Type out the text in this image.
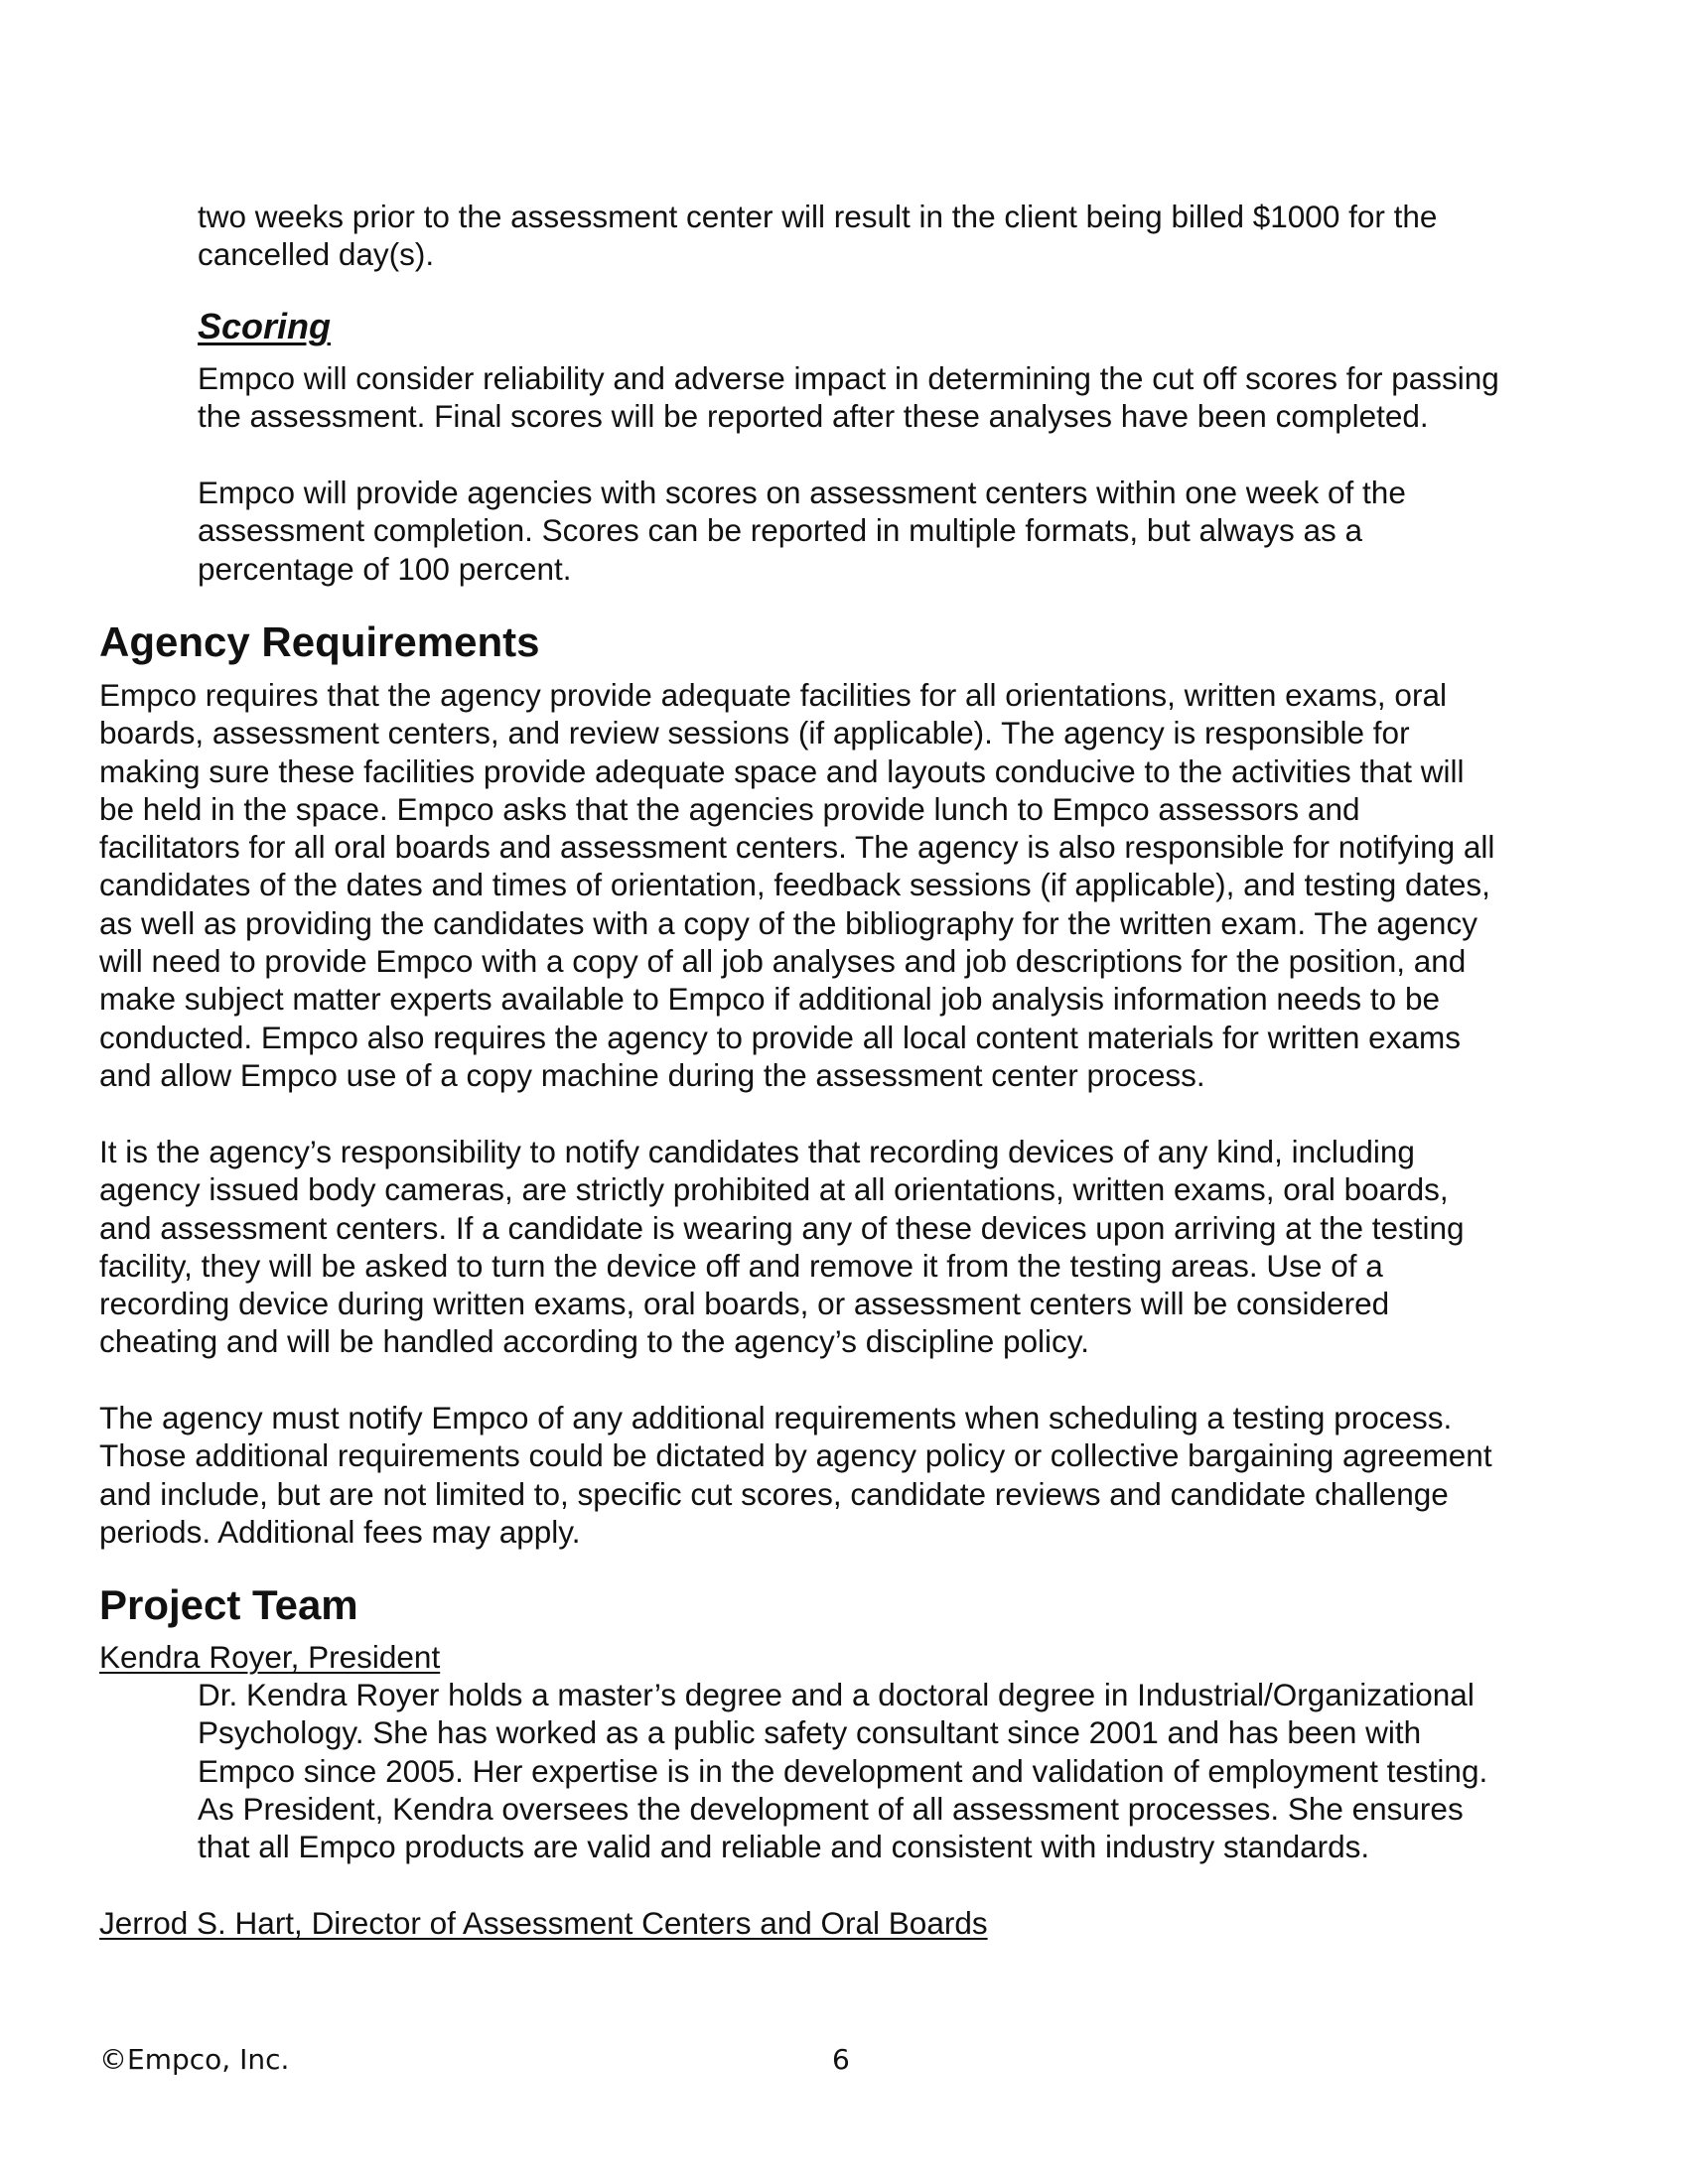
two weeks prior to the assessment center will result in the client being billed $1000 for the
cancelled day(s).
Scoring
Empco will consider reliability and adverse impact in determining the cut off scores for passing
the assessment. Final scores will be reported after these analyses have been completed.
Empco will provide agencies with scores on assessment centers within one week of the
assessment completion. Scores can be reported in multiple formats, but always as a
percentage of 100 percent.
Agency Requirements
Empco requires that the agency provide adequate facilities for all orientations, written exams, oral
boards, assessment centers, and review sessions (if applicable). The agency is responsible for
making sure these facilities provide adequate space and layouts conducive to the activities that will
be held in the space. Empco asks that the agencies provide lunch to Empco assessors and
facilitators for all oral boards and assessment centers. The agency is also responsible for notifying all
candidates of the dates and times of orientation, feedback sessions (if applicable), and testing dates,
as well as providing the candidates with a copy of the bibliography for the written exam. The agency
will need to provide Empco with a copy of all job analyses and job descriptions for the position, and
make subject matter experts available to Empco if additional job analysis information needs to be
conducted. Empco also requires the agency to provide all local content materials for written exams
and allow Empco use of a copy machine during the assessment center process.
It is the agency’s responsibility to notify candidates that recording devices of any kind, including
agency issued body cameras, are strictly prohibited at all orientations, written exams, oral boards,
and assessment centers. If a candidate is wearing any of these devices upon arriving at the testing
facility, they will be asked to turn the device off and remove it from the testing areas. Use of a
recording device during written exams, oral boards, or assessment centers will be considered
cheating and will be handled according to the agency’s discipline policy.
The agency must notify Empco of any additional requirements when scheduling a testing process.
Those additional requirements could be dictated by agency policy or collective bargaining agreement
and include, but are not limited to, specific cut scores, candidate reviews and candidate challenge
periods. Additional fees may apply.
Project Team
Kendra Royer, President
Dr. Kendra Royer holds a master’s degree and a doctoral degree in Industrial/Organizational
Psychology. She has worked as a public safety consultant since 2001 and has been with
Empco since 2005. Her expertise is in the development and validation of employment testing.
As President, Kendra oversees the development of all assessment processes. She ensures
that all Empco products are valid and reliable and consistent with industry standards.
Jerrod S. Hart, Director of Assessment Centers and Oral Boards
©Empco, Inc.	6
